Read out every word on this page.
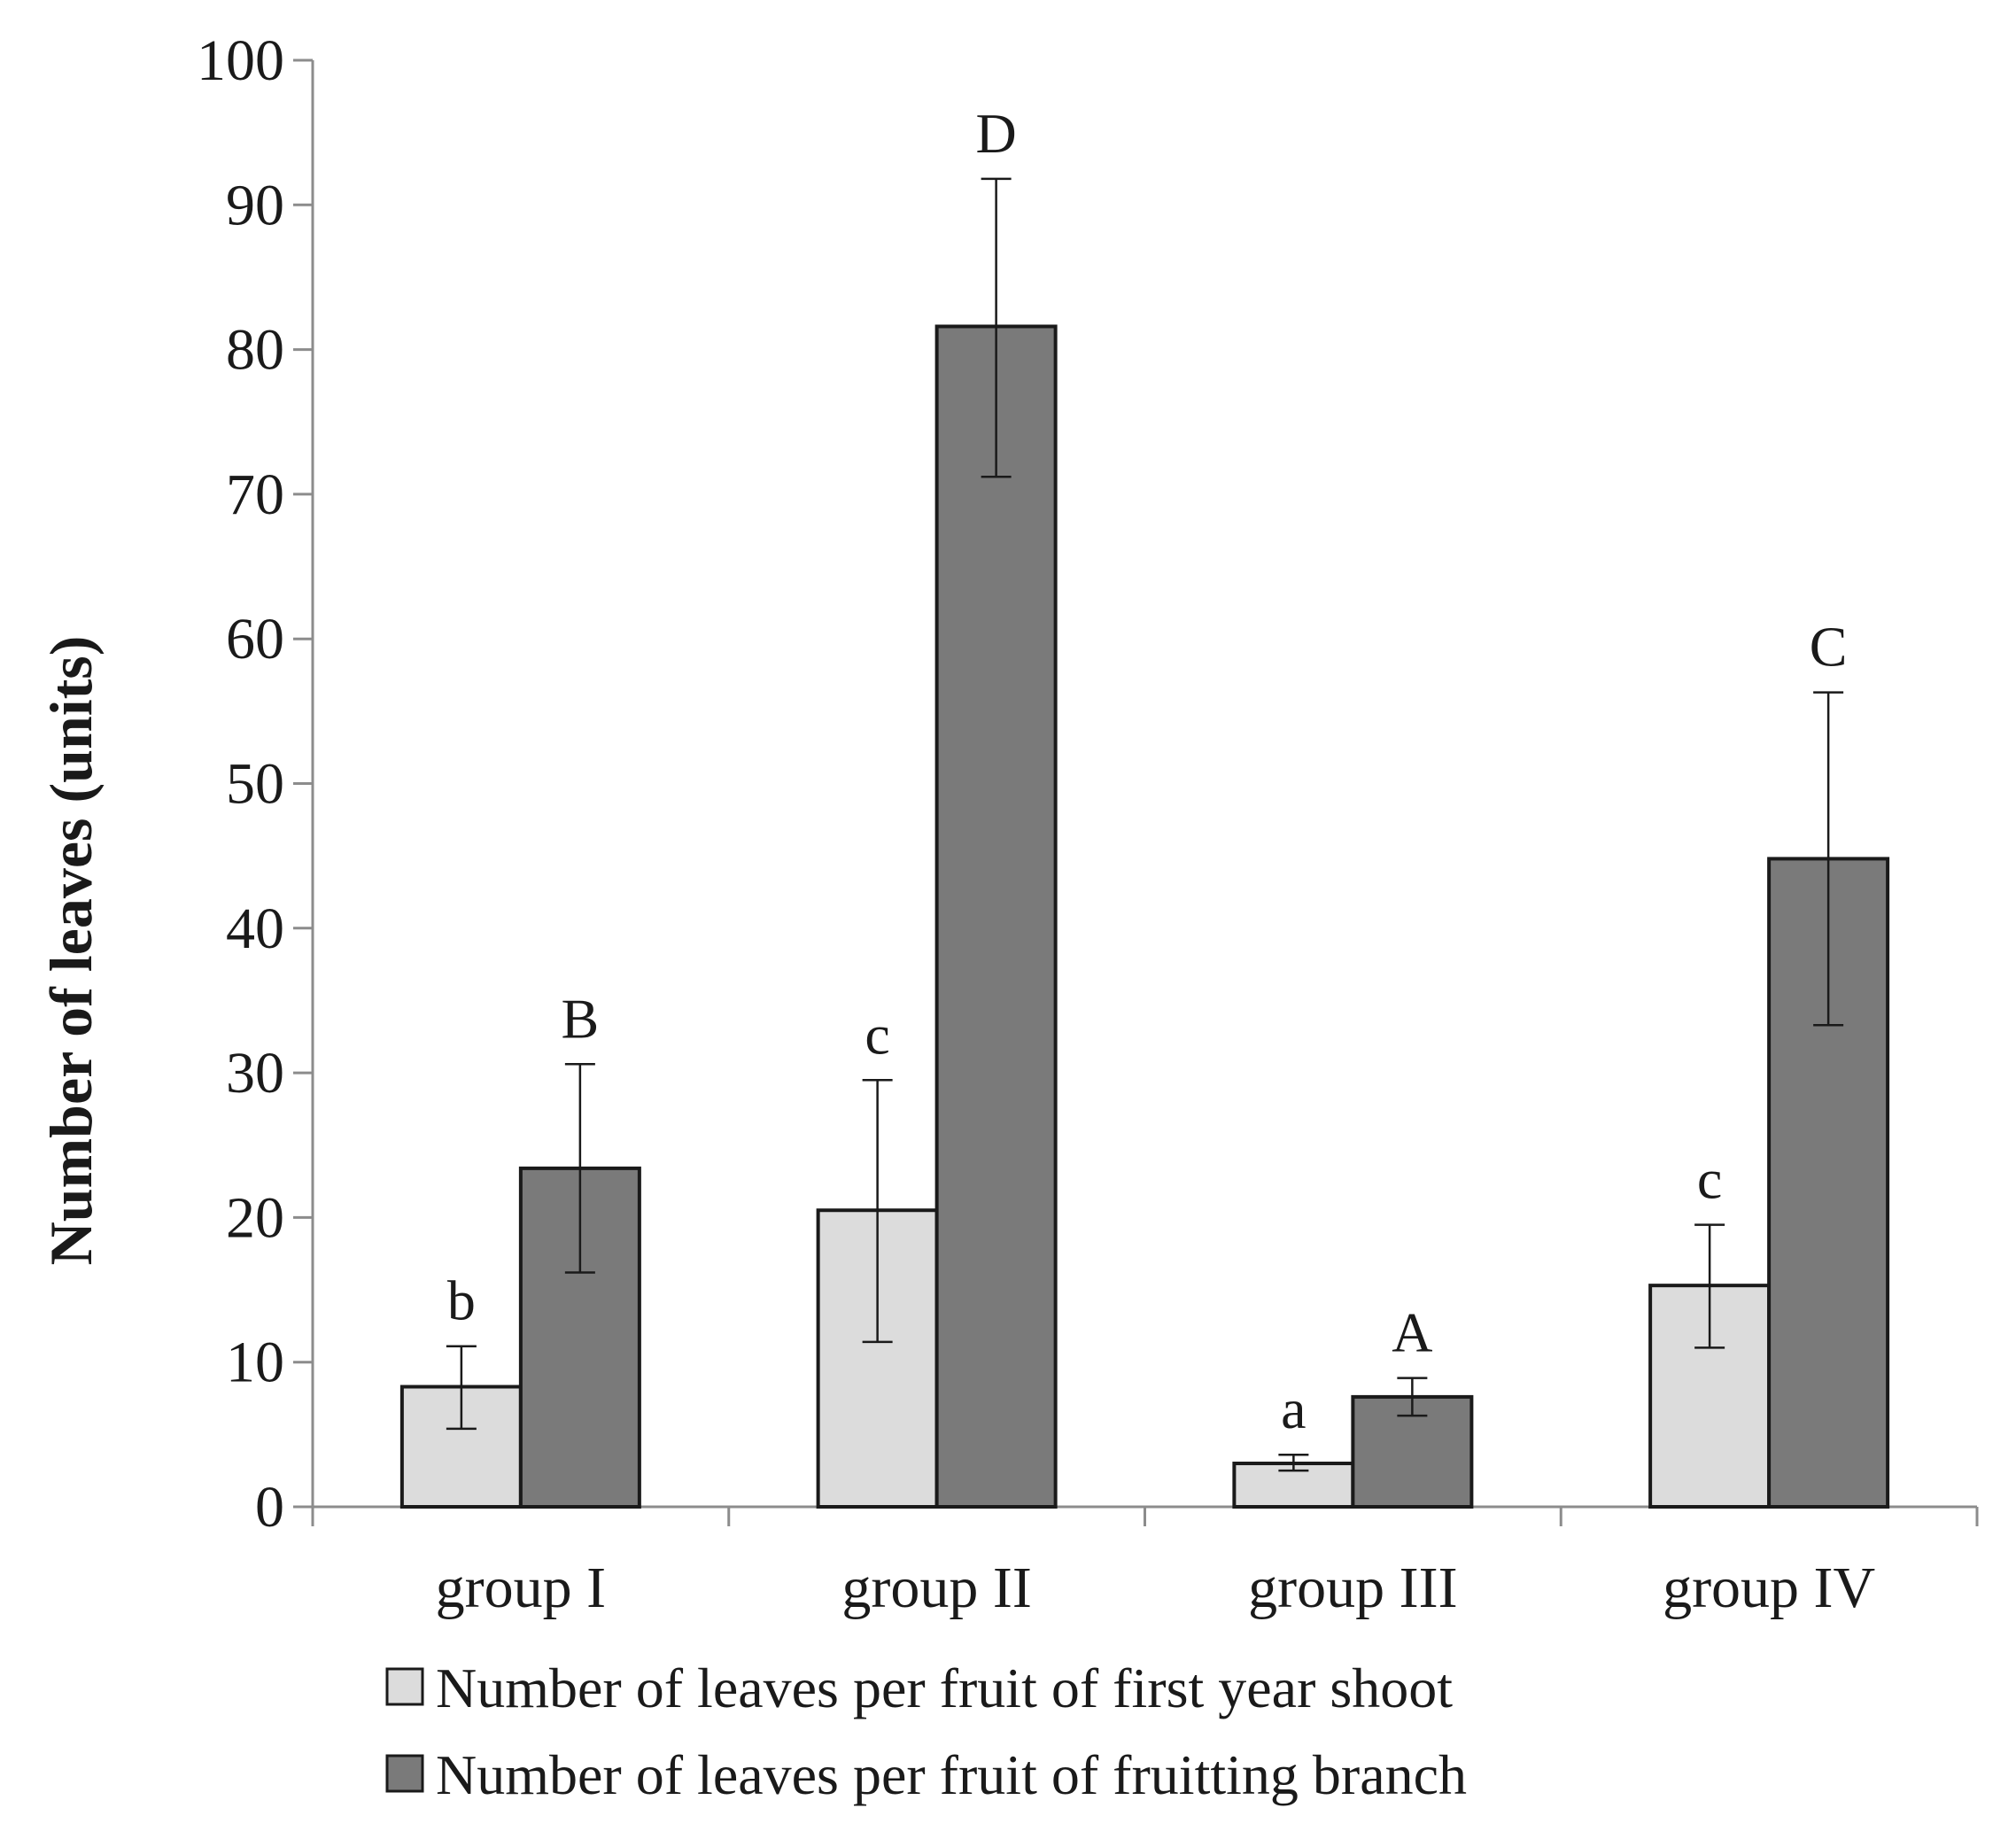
Number of leaves (units)
0
10
20
30
40
50
60
70
80
90
100
group I	group II	group III	group IV
b
c
a
c
B
D
A
C
Number of leaves per fruit of first year shoot
Number of leaves per fruit of fruitting branch
